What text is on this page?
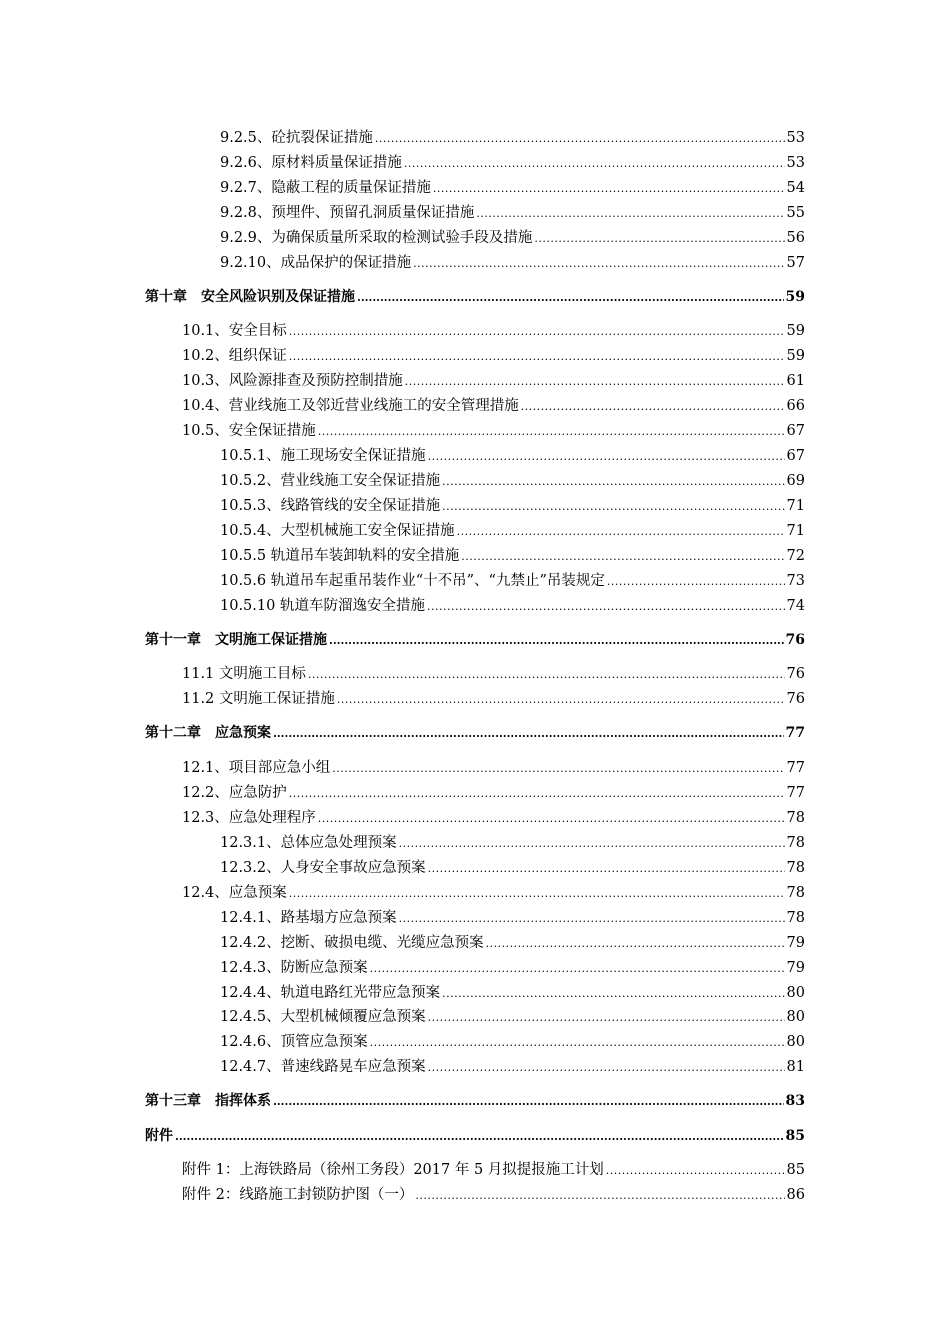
9.2.5、砼抗裂保证措施 .....	53
9.2.6、原材料质量保证措施 .....	53
9.2.7、隐蔽工程的质量保证措施 .....	54
9.2.8、预埋件、预留孔洞质量保证措施 .....	55
9.2.9、为确保质量所采取的检测试验手段及措施 .....	56
9.2.10、成品保护的保证措施 .....	57
第十章　安全风险识别及保证措施 .....	59
10.1、安全目标 .....	59
10.2、组织保证 .....	59
10.3、风险源排查及预防控制措施 .....	61
10.4、营业线施工及邻近营业线施工的安全管理措施 .....	66
10.5、安全保证措施 .....	67
10.5.1、施工现场安全保证措施 .....	67
10.5.2、营业线施工安全保证措施 .....	69
10.5.3、线路管线的安全保证措施 .....	71
10.5.4、大型机械施工安全保证措施 .....	71
10.5.5 轨道吊车装卸轨料的安全措施 .....	72
10.5.6 轨道吊车起重吊装作业“十不吊”、“九禁止”吊装规定 .....	73
10.5.10 轨道车防溜逸安全措施 .....	74
第十一章　文明施工保证措施 .....	76
11.1 文明施工目标 .....	76
11.2 文明施工保证措施 .....	76
第十二章　应急预案 .....	77
12.1、项目部应急小组 .....	77
12.2、应急防护 .....	77
12.3、应急处理程序 .....	78
12.3.1、总体应急处理预案 .....	78
12.3.2、人身安全事故应急预案 .....	78
12.4、应急预案 .....	78
12.4.1、路基塌方应急预案 .....	78
12.4.2、挖断、破损电缆、光缆应急预案 .....	79
12.4.3、防断应急预案 .....	79
12.4.4、轨道电路红光带应急预案 .....	80
12.4.5、大型机械倾覆应急预案 .....	80
12.4.6、顶管应急预案 .....	80
12.4.7、普速线路晃车应急预案 .....	81
第十三章　指挥体系 .....	83
附件 .....	85
附件 1：上海铁路局（徐州工务段）2017 年 5 月拟提报施工计划 .....	85
附件 2：线路施工封锁防护图（一） .....	86
